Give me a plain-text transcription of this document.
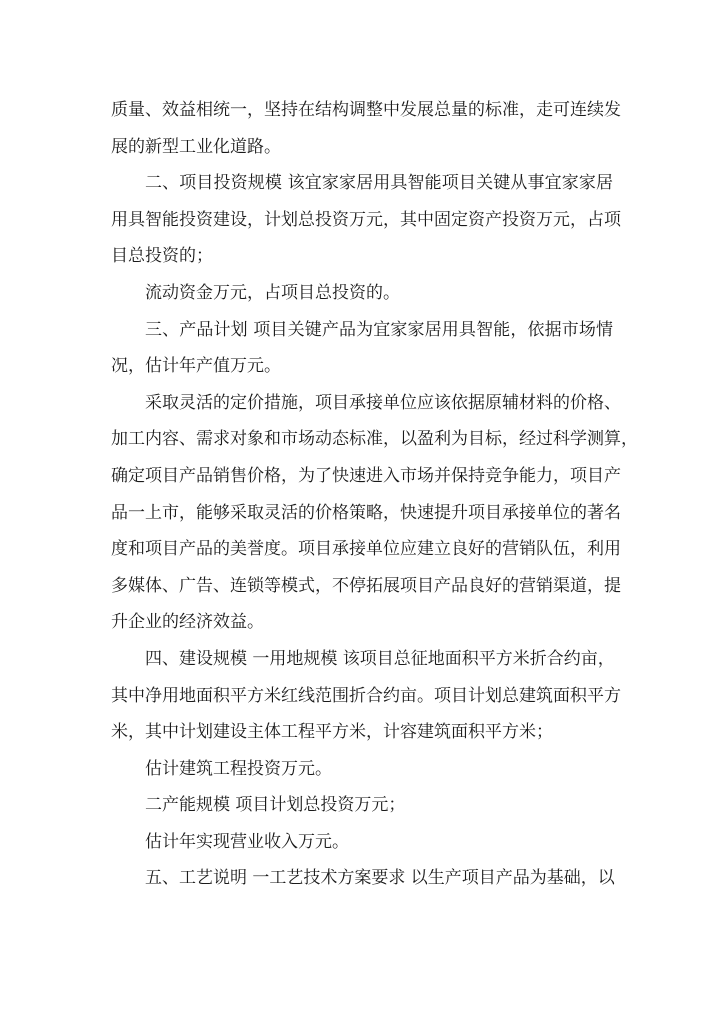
质量、效益相统一，坚持在结构调整中发展总量的标准，走可连续发
展的新型工业化道路。
二、项目投资规模 该宜家家居用具智能项目关键从事宜家家居
用具智能投资建设，计划总投资万元，其中固定资产投资万元，占项
目总投资的；
流动资金万元，占项目总投资的。
三、产品计划 项目关键产品为宜家家居用具智能，依据市场情
况，估计年产值万元。
采取灵活的定价措施，项目承接单位应该依据原辅材料的价格、
加工内容、需求对象和市场动态标准，以盈利为目标，经过科学测算，
确定项目产品销售价格，为了快速进入市场并保持竞争能力，项目产
品一上市，能够采取灵活的价格策略，快速提升项目承接单位的著名
度和项目产品的美誉度。项目承接单位应建立良好的营销队伍，利用
多媒体、广告、连锁等模式，不停拓展项目产品良好的营销渠道，提
升企业的经济效益。
四、建设规模 一用地规模 该项目总征地面积平方米折合约亩，
其中净用地面积平方米红线范围折合约亩。项目计划总建筑面积平方
米，其中计划建设主体工程平方米，计容建筑面积平方米；
估计建筑工程投资万元。
二产能规模 项目计划总投资万元；
估计年实现营业收入万元。
五、工艺说明 一工艺技术方案要求 以生产项目产品为基础，以
